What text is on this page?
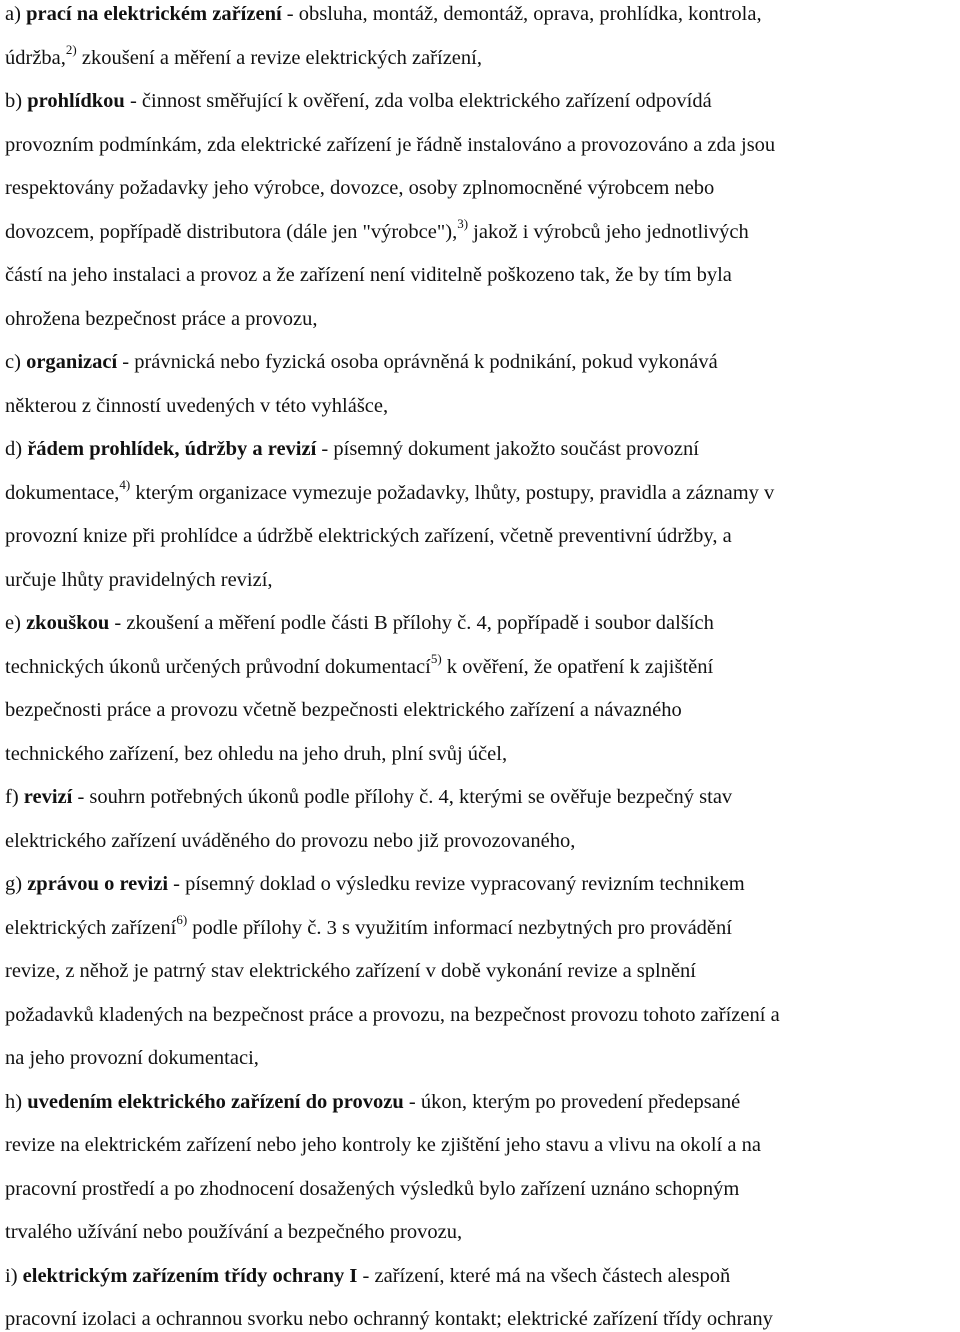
a) prací na elektrickém zařízení - obsluha, montáž, demontáž, oprava, prohlídka, kontrola,
údržba,$^{2)}$ zkoušení a měření a revize elektrických zařízení,
b) prohlídkou - činnost směřující k ověření, zda volba elektrického zařízení odpovídá
provozním podmínkám, zda elektrické zařízení je řádně instalováno a provozováno a zda jsou
respektovány požadavky jeho výrobce, dovozce, osoby zplnomocněné výrobcem nebo
dovozcem, popřípadě distributora (dále jen "výrobce"),$^{3)}$ jakož i výrobců jeho jednotlivých
částí na jeho instalaci a provoz a že zařízení není viditelně poškozeno tak, že by tím byla
ohrožena bezpečnost práce a provozu,
c) organizací - právnická nebo fyzická osoba oprávněná k podnikání, pokud vykonává
některou z činností uvedených v této vyhlášce,
d) řádem prohlídek, údržby a revizí - písemný dokument jakožto součást provozní
dokumentace,$^{4)}$ kterým organizace vymezuje požadavky, lhůty, postupy, pravidla a záznamy v
provozní knize při prohlídce a údržbě elektrických zařízení, včetně preventivní údržby, a
určuje lhůty pravidelných revizí,
e) zkouškou - zkoušení a měření podle části B přílohy č. 4, popřípadě i soubor dalších
technických úkonů určených průvodní dokumentací$^{5)}$ k ověření, že opatření k zajištění
bezpečnosti práce a provozu včetně bezpečnosti elektrického zařízení a návazného
technického zařízení, bez ohledu na jeho druh, plní svůj účel,
f) revizí - souhrn potřebných úkonů podle přílohy č. 4, kterými se ověřuje bezpečný stav
elektrického zařízení uváděného do provozu nebo již provozovaného,
g) zprávou o revizi - písemný doklad o výsledku revize vypracovaný revizním technikem
elektrických zařízení$^{6)}$ podle přílohy č. 3 s využitím informací nezbytných pro provádění
revize, z něhož je patrný stav elektrického zařízení v době vykonání revize a splnění
požadavků kladených na bezpečnost práce a provozu, na bezpečnost provozu tohoto zařízení a
na jeho provozní dokumentaci,
h) uvedením elektrického zařízení do provozu - úkon, kterým po provedení předepsané
revize na elektrickém zařízení nebo jeho kontroly ke zjištění jeho stavu a vlivu na okolí a na
pracovní prostředí a po zhodnocení dosažených výsledků bylo zařízení uznáno schopným
trvalého užívání nebo používání a bezpečného provozu,
i) elektrickým zařízením třídy ochrany I - zařízení, které má na všech částech alespoň
pracovní izolaci a ochrannou svorku nebo ochranný kontakt; elektrické zařízení třídy ochrany
